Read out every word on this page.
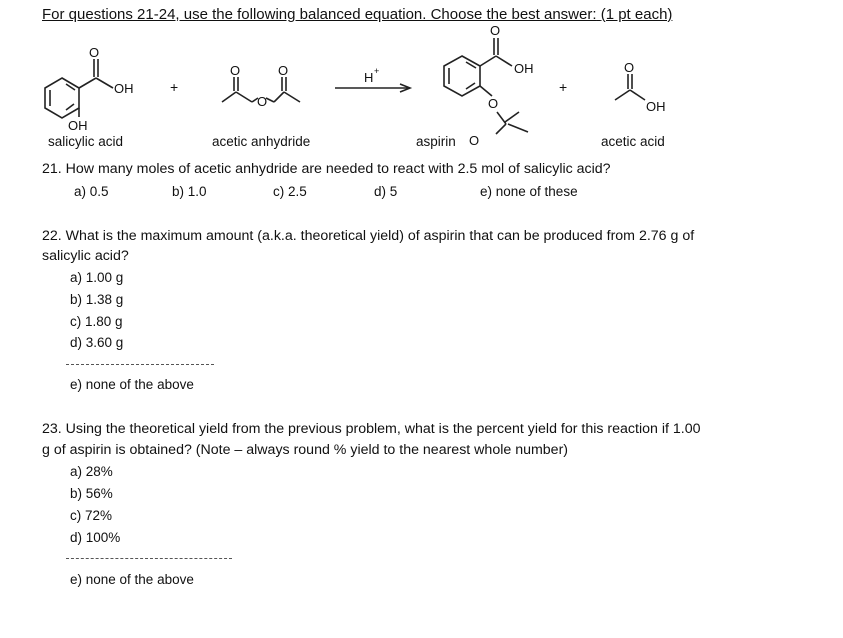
For questions 21-24, use the following balanced equation. Choose the best answer: (1 pt each)
O
OH
OH
O	O
O
O
OH
O
O
O
OH
+	+
H +
salicylic acid	acetic anhydride	aspirin	acetic acid
21. How many moles of acetic anhydride are needed to react with 2.5 mol of salicylic acid?
a) 0.5	b) 1.0	c) 2.5	d) 5	e) none of these
22. What is the maximum amount (a.k.a. theoretical yield) of aspirin that can be produced from 2.76 g of
salicylic acid?
a) 1.00 g
b) 1.38 g
c) 1.80 g
d) 3.60 g
e) none of the above
23. Using the theoretical yield from the previous problem, what is the percent yield for this reaction if 1.00
g of aspirin is obtained? (Note – always round % yield to the nearest whole number)
a) 28%
b) 56%
c) 72%
d) 100%
e) none of the above
